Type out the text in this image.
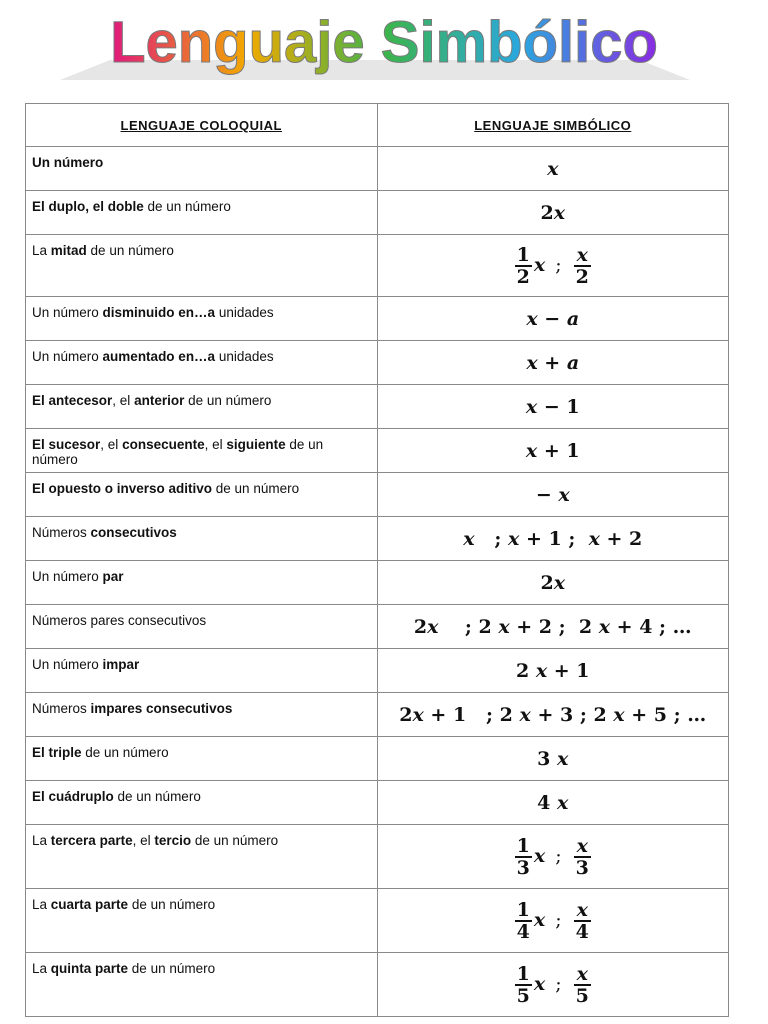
Lenguaje Simbólico
LENGUAJE COLOQUIAL	LENGUAJE SIMBÓLICO
Un número	x
El duplo, el doble de un número	2x
La mitad de un número	$\frac{1}{2}$ x ; $\frac{x}{2}$

Un número disminuido en…a unidades	x − a
Un número aumentado en…a unidades	x + a
El antecesor, el anterior de un número	x − 1
El sucesor, el consecuente, el siguiente de un número	x + 1
El opuesto o inverso aditivo de un número	− x
Números consecutivos	x   ; x + 1 ;  x + 2
Un número par	2x
Números pares consecutivos	2x    ; 2 x + 2 ;  2 x + 4 ; …
Un número impar	2 x + 1
Números impares consecutivos	2x + 1   ; 2 x + 3 ; 2 x + 5 ; …
El triple de un número	3 x
El cuádruplo de un número	4 x
La tercera parte, el tercio de un número	$\frac{1}{3}$ x ; $\frac{x}{3}$

La cuarta parte de un número	$\frac{1}{4}$ x ; $\frac{x}{4}$

La quinta parte de un número	$\frac{1}{5}$ x ; $\frac{x}{5}$
